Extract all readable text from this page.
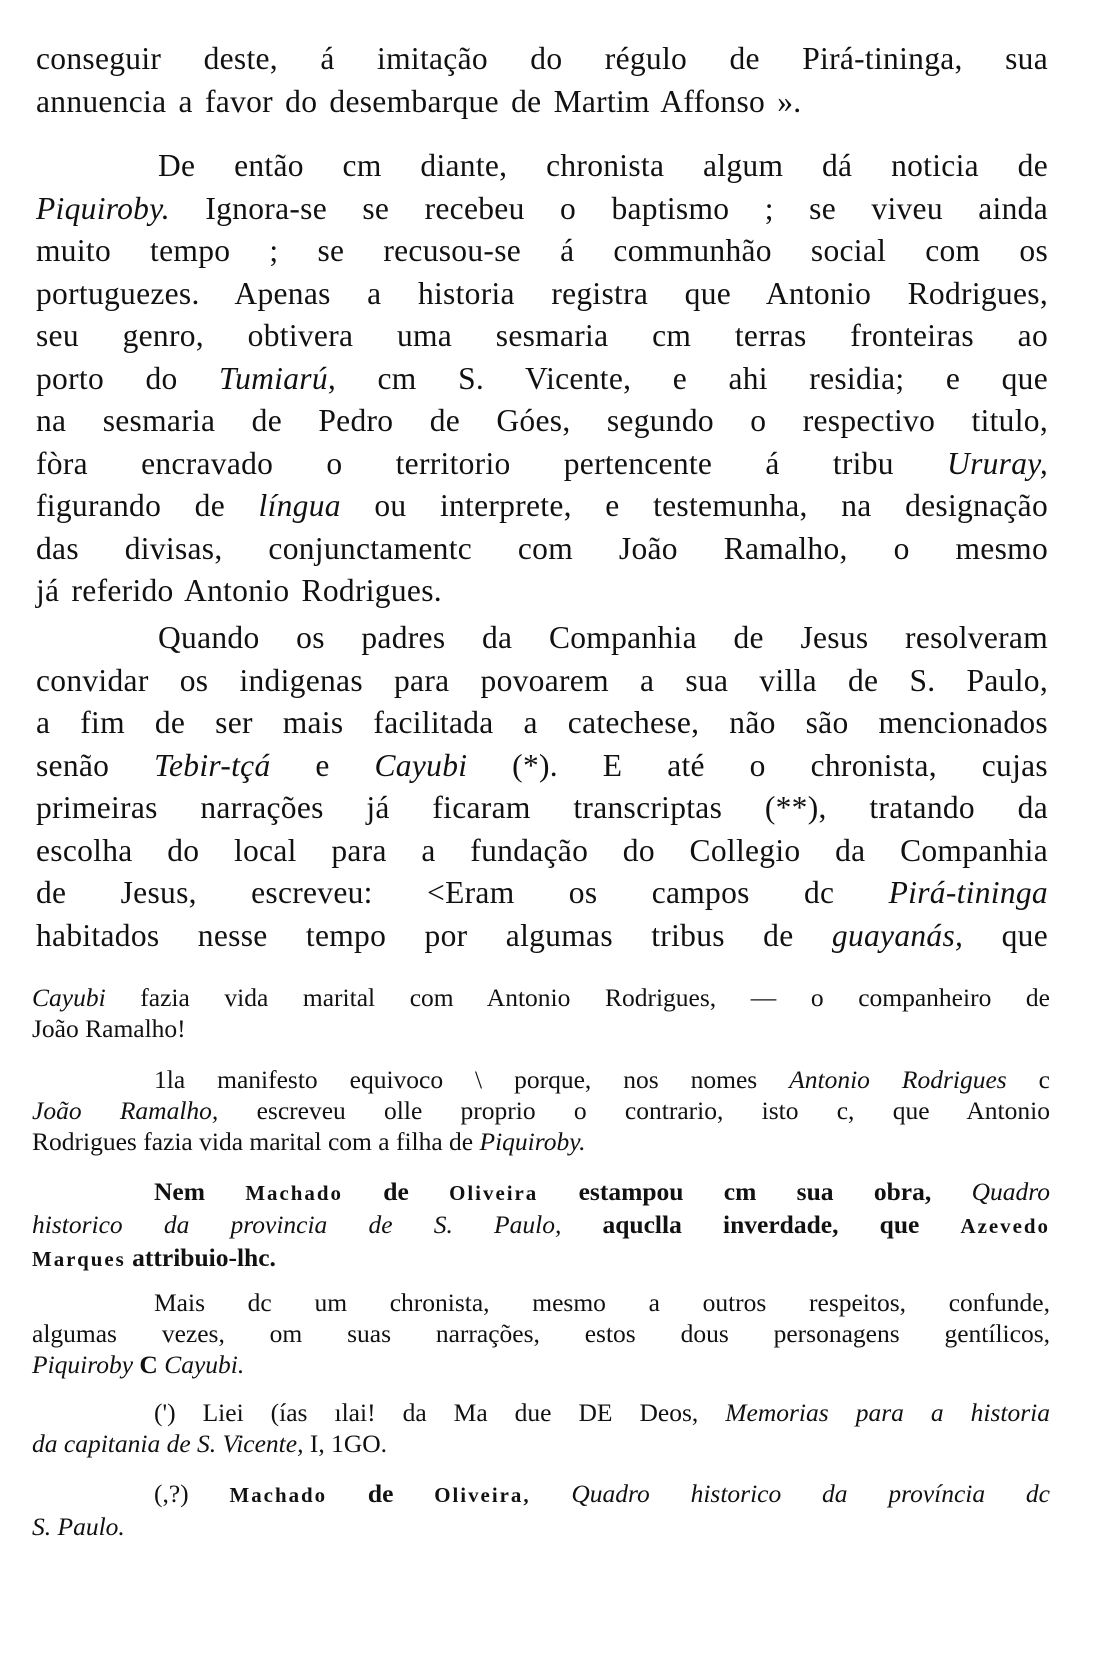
conseguir deste, á imitação do régulo de Pirá-tininga, sua
annuencia a favor do desembarque de Martim Affonso ».
De então cm diante, chronista algum dá noticia de
Piquiroby. Ignora-se se recebeu o baptismo ; se viveu ainda
muito tempo ; se recusou-se á communhão social com os
portuguezes. Apenas a historia registra que Antonio Rodrigues,
seu genro, obtivera uma sesmaria cm terras fronteiras ao
porto do Tumiarú, cm S. Vicente, e ahi residia; e que
na sesmaria de Pedro de Góes, segundo o respectivo titulo,
fòra encravado o territorio pertencente á tribu Ururay,
figurando de língua ou interprete, e testemunha, na designação
das divisas, conjunctamentc com João Ramalho, o mesmo
já referido Antonio Rodrigues.
Quando os padres da Companhia de Jesus resolveram
convidar os indigenas para povoarem a sua villa de S. Paulo,
a fim de ser mais facilitada a catechese, não são mencionados
senão Tebir-tçá e Cayubi (*). E até o chronista, cujas
primeiras narrações já ficaram transcriptas (**), tratando da
escolha do local para a fundação do Collegio da Companhia
de Jesus, escreveu: <Eram os campos dc Pirá-tininga
habitados nesse tempo por algumas tribus de guayanás, que
Cayubi fazia vida marital com Antonio Rodrigues, — o companheiro de
João Ramalho!
1la manifesto equivoco \ porque, nos nomes Antonio Rodrigues c
João Ramalho, escreveu olle proprio o contrario, isto c, que Antonio
Rodrigues fazia vida marital com a filha de Piquiroby.
Nem Machado de Oliveira estampou cm sua obra, Quadro
historico da provincia de S. Paulo, aquclla inverdade, que Azevedo
Marques attribuio-lhc.
Mais dc um chronista, mesmo a outros respeitos, confunde,
algumas vezes, om suas narrações, estos dous personagens gentílicos,
Piquiroby C Cayubi.
(') Liei (ías ılai! da Ma due DE Deos, Memorias para a historia
da capitania de S. Vicente, I, 1GO.
(,?) Machado de Oliveira, Quadro historico da província dc
S. Paulo.
